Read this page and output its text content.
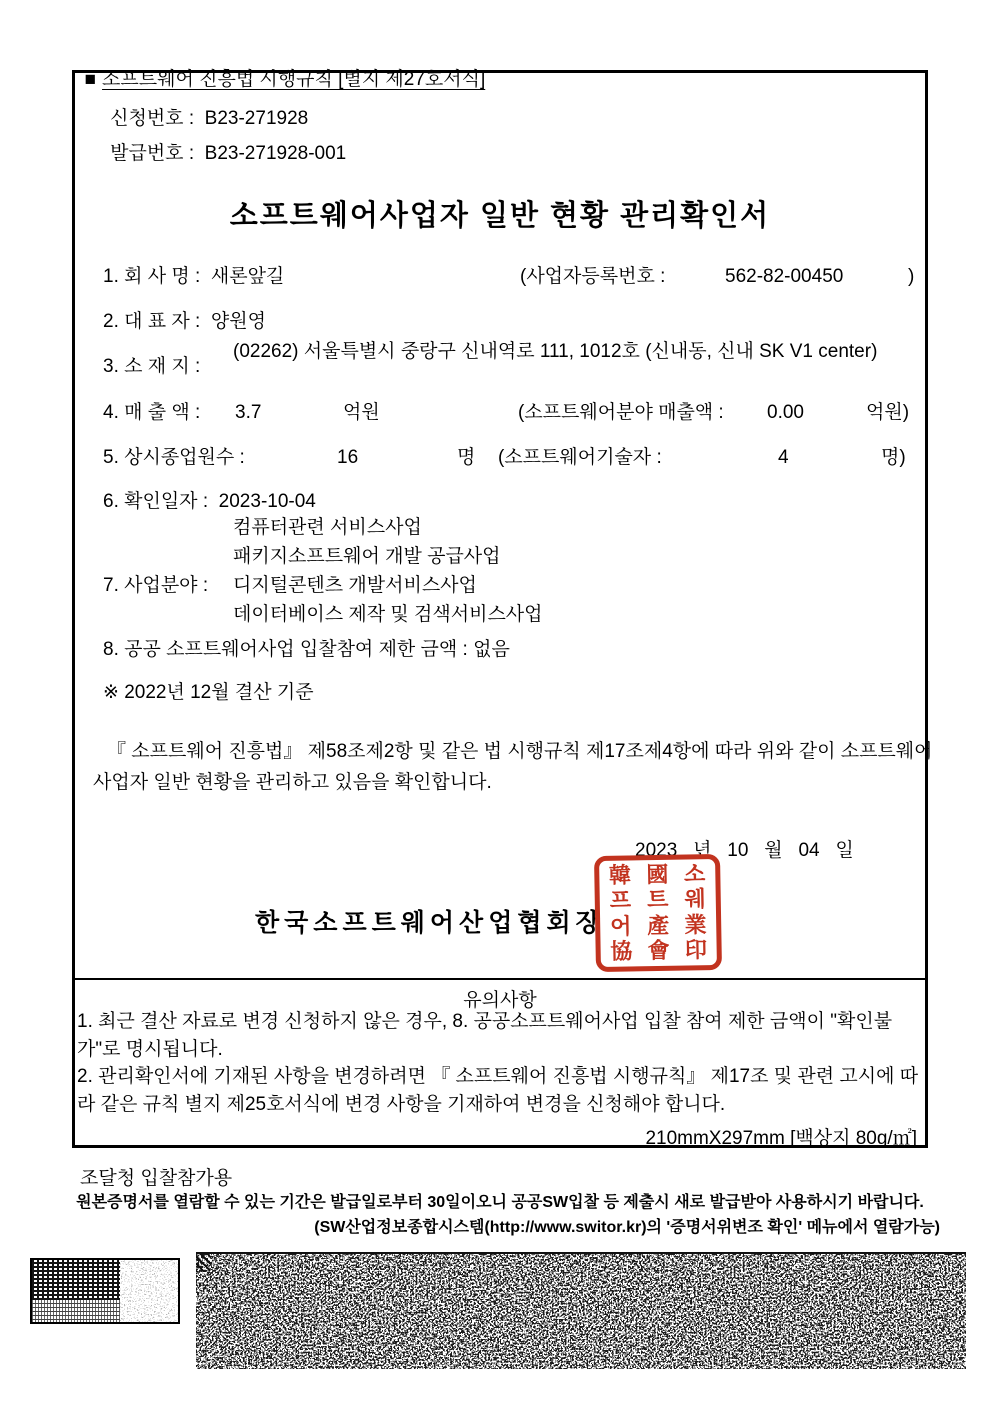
■ 소프트웨어 진흥법 시행규칙 [별지 제27호서식]

신청번호 : B23-271928

발급번호 : B23-271928-001

소프트웨어사업자 일반 현황 관리확인서
1. 회 사 명 : 새론앞길	(사업자등록번호 :	562-82-00450	)
2. 대 표 자 : 양원영
3. 소 재 지 :
(02262) 서울특별시 중랑구 신내역로 111, 1012호 (신내동, 신내 SK V1 center)
4. 매 출 액 : 3.7	억원	(소프트웨어분야 매출액 : 0.00	억원)
5. 상시종업원수 :	16	명 (소프트웨어기술자 :	4	명)
6. 확인일자 : 2023-10-04
7. 사업분야 :
컴퓨터관련 서비스사업
패키지소프트웨어 개발 공급사업
디지털콘텐츠 개발서비스사업
데이터베이스 제작 및 검색서비스사업
8. 공공 소프트웨어사업 입찰참여 제한 금액 : 없음
※ 2022년 12월 결산 기준
『 소프트웨어 진흥법』 제58조제2항 및 같은 법 시행규칙 제17조제4항에 따라 위와 같이 소프트웨어사업자 일반 현황을 관리하고 있음을 확인합니다.
2023   년   10   월   04   일
한국소프트웨어산업협회장
韓 國 소
프 트 웨
어 產 業
協 會 印
유의사항
1. 최근 결산 자료로 변경 신청하지 않은 경우, 8. 공공소프트웨어사업 입찰 참여 제한 금액이 "확인불가"로 명시됩니다.
2. 관리확인서에 기재된 사항을 변경하려면 『 소프트웨어 진흥법 시행규칙』 제17조 및 관련 고시에 따라 같은 규칙 별지 제25호서식에 변경 사항을 기재하여 변경을 신청해야 합니다.
210mmX297mm [백상지 80g/㎡]
조달청 입찰참가용
원본증명서를 열람할 수 있는 기간은 발급일로부터 30일이오니 공공SW입찰 등 제출시 새로 발급받아 사용하시기 바랍니다.
(SW산업정보종합시스템(http://www.switor.kr)의 '증명서위변조 확인' 메뉴에서 열람가능)
